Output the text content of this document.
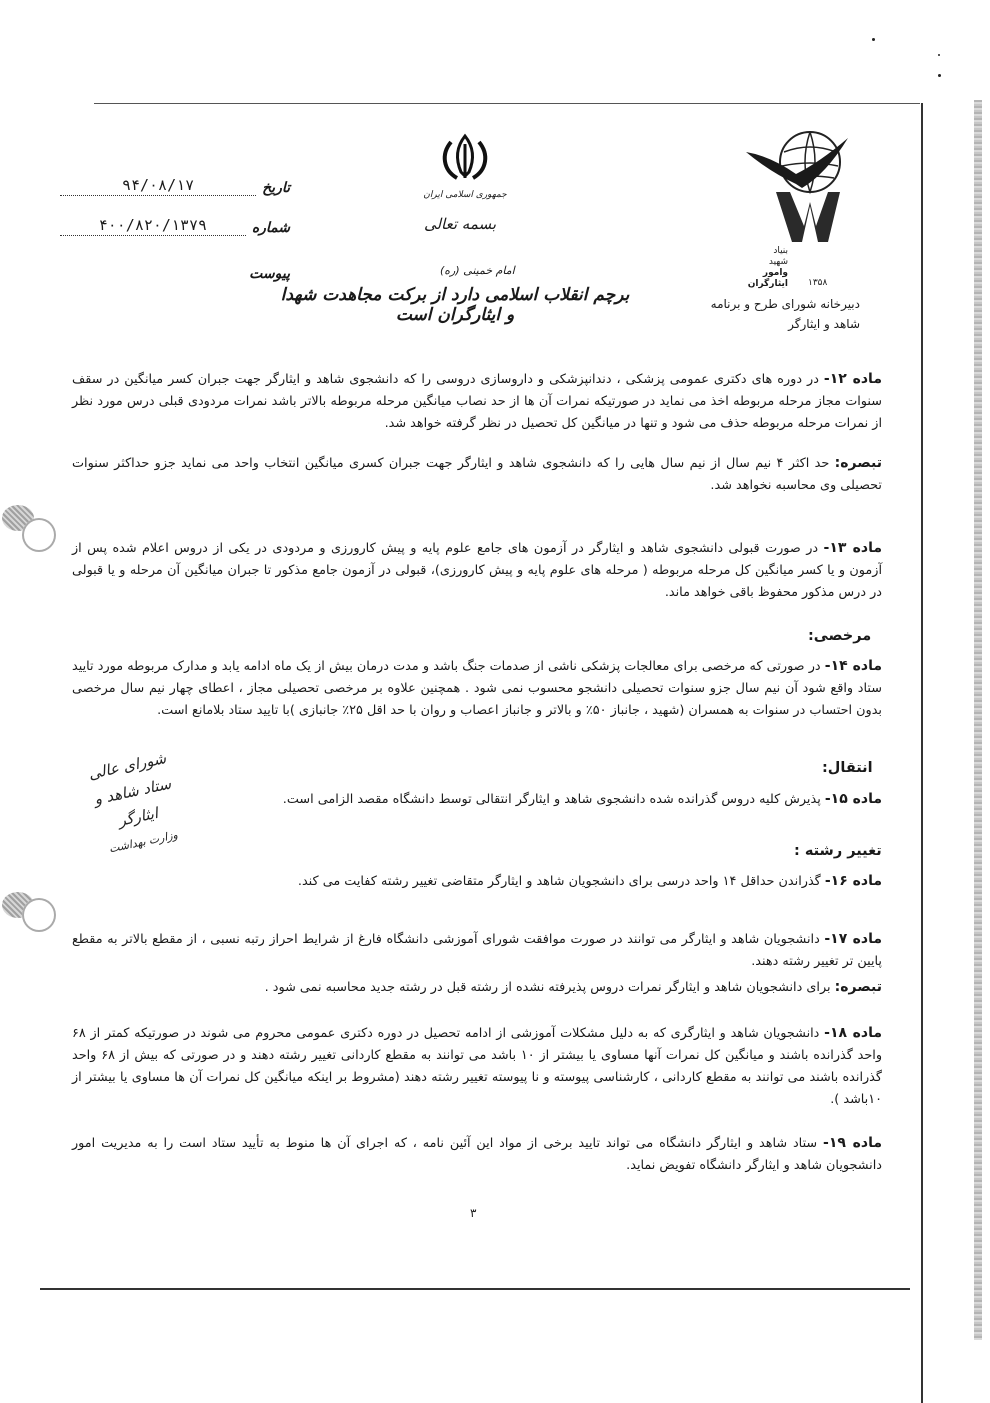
تاریخ
۹۴/۰۸/۱۷
شماره
۴۰۰/۸۲۰/۱۳۷۹
پیوست
جمهوری اسلامی ایران
بسمه تعالی
بنیاد
شهید
وامور ایثارگران ۱۳۵۸
دبیرخانه شورای طرح و برنامه
شاهد و ایثارگر
امام خمینی (ره)
برچم انقلاب اسلامی دارد از برکت مجاهدت شهدا و ایثارگران است
ماده ۱۲- در دوره های دکتری عمومی پزشکی ، دندانپزشکی و داروسازی دروسی را که دانشجوی شاهد و ایثارگر جهت جبران کسر میانگین در سقف سنوات مجاز مرحله مربوطه اخذ می نماید در صورتیکه نمرات آن ها از حد نصاب میانگین مرحله مربوطه بالاتر باشد نمرات مردودی قبلی درس مورد نظر از نمرات مرحله مربوطه حذف می شود و تنها در میانگین کل تحصیل در نظر گرفته خواهد شد.
تبصره: حد اکثر ۴ نیم سال از نیم سال هایی را که دانشجوی شاهد و ایثارگر جهت جبران کسری میانگین انتخاب واحد می نماید جزو حداکثر سنوات تحصیلی وی محاسبه نخواهد شد.
ماده ۱۳- در صورت قبولی دانشجوی شاهد و ایثارگر در آزمون های جامع علوم پایه و پیش کارورزی و مردودی در یکی از دروس اعلام شده پس از آزمون و یا کسر میانگین کل مرحله مربوطه ( مرحله های علوم پایه و پیش کارورزی)، قبولی در آزمون جامع مذکور تا جبران میانگین آن مرحله و یا قبولی در درس مذکور محفوظ باقی خواهد ماند.
مرخصی:
ماده ۱۴- در صورتی که مرخصی برای معالجات پزشکی ناشی از صدمات جنگ باشد و مدت درمان بیش از یک ماه ادامه یابد و مدارک مربوطه مورد تایید ستاد واقع شود آن نیم سال جزو سنوات تحصیلی دانشجو محسوب نمی شود . همچنین علاوه بر مرخصی تحصیلی مجاز ، اعطای چهار نیم سال مرخصی بدون احتساب در سنوات به همسران (شهید ، جانباز ۵۰٪ و بالاتر و جانباز اعصاب و روان با حد اقل ۲۵٪ جانبازی )با تایید ستاد بلامانع است.
انتقال:
ماده ۱۵- پذیرش کلیه دروس گذرانده شده دانشجوی شاهد و ایثارگر انتقالی توسط دانشگاه مقصد الزامی است.
تغییر رشته :
ماده ۱۶- گذراندن حداقل ۱۴ واحد درسی برای دانشجویان شاهد و ایثارگر متقاضی تغییر رشته کفایت می کند.
ماده ۱۷- دانشجویان شاهد و ایثارگر می توانند در صورت موافقت شورای آموزشی دانشگاه فارغ از شرایط احراز رتبه نسبی ، از مقطع بالاتر به مقطع پایین تر تغییر رشته دهند.
تبصره: برای دانشجویان شاهد و ایثارگر نمرات دروس پذیرفته نشده از رشته قبل در رشته جدید محاسبه نمی شود .
ماده ۱۸- دانشجویان شاهد و ایثارگری که به دلیل مشکلات آموزشی از ادامه تحصیل در دوره دکتری عمومی محروم می شوند در صورتیکه کمتر از ۶۸ واحد گذرانده باشند و میانگین کل نمرات آنها مساوی یا بیشتر از ۱۰ باشد می توانند به مقطع کاردانی تغییر رشته دهند و در صورتی که بیش از ۶۸ واحد گذرانده باشند می توانند به مقطع کاردانی ، کارشناسی پیوسته و نا پیوسته تغییر رشته دهند (مشروط بر اینکه میانگین کل نمرات آن ها مساوی یا بیشتر از ۱۰باشد ).
ماده ۱۹- ستاد شاهد و ایثارگر دانشگاه می تواند تایید برخی از مواد این آئین نامه ، که اجرای آن ها منوط به تأیید ستاد است را به مدیریت امور دانشجویان شاهد و ایثارگر دانشگاه تفویض نماید.
شورای عالی
ستاد شاهد و ایثارگر
وزارت بهداشت
۳
